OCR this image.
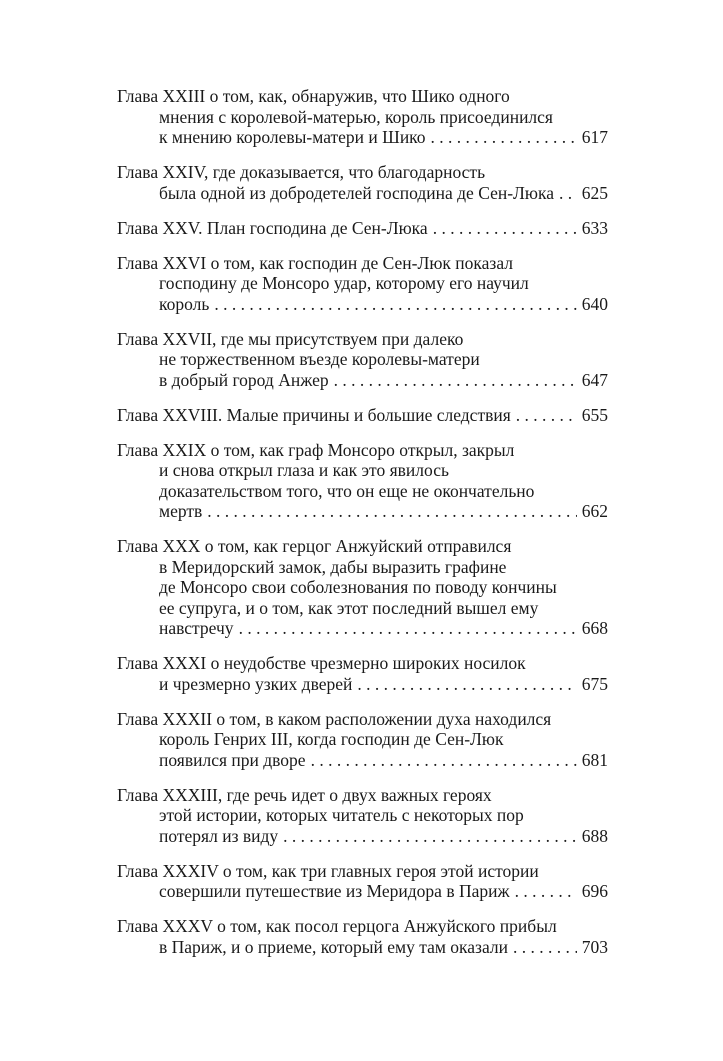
Глава XXIII о том, как, обнаружив, что Шико одного
мнения с королевой-матерью, король присоединился
к мнению королевы-матери и Шико . . .	617
Глава XXIV, где доказывается, что благодарность
была одной из добродетелей господина де Сен-Люка . . . 625
Глава XXV. План господина де Сен-Люка . . .	633
Глава XXVI о том, как господин де Сен-Люк показал
господину де Монсоро удар, которому его научил
король . . .	640
Глава XXVII, где мы присутствуем при далеко
не торжественном въезде королевы-матери
в добрый город Анжер . . .	647
Глава XXVIII. Малые причины и большие следствия . . .	655
Глава XXIX о том, как граф Монсоро открыл, закрыл
и снова открыл глаза и как это явилось
доказательством того, что он еще не окончательно
мертв . . .	662
Глава XXX о том, как герцог Анжуйский отправился
в Меридорский замок, дабы выразить графине
де Монсоро свои соболезнования по поводу кончины
ее супруга, и о том, как этот последний вышел ему
навстречу . . .	668
Глава XXXI о неудобстве чрезмерно широких носилок
и чрезмерно узких дверей . . .	675
Глава XXXII о том, в каком расположении духа находился
король Генрих III, когда господин де Сен-Люк
появился при дворе . . .	681
Глава XXXIII, где речь идет о двух важных героях
этой истории, которых читатель с некоторых пор
потерял из виду . . .	688
Глава XXXIV о том, как три главных героя этой истории
совершили путешествие из Меридора в Париж . . .	696
Глава XXXV о том, как посол герцога Анжуйского прибыл
в Париж, и о приеме, который ему там оказали . . .	703
